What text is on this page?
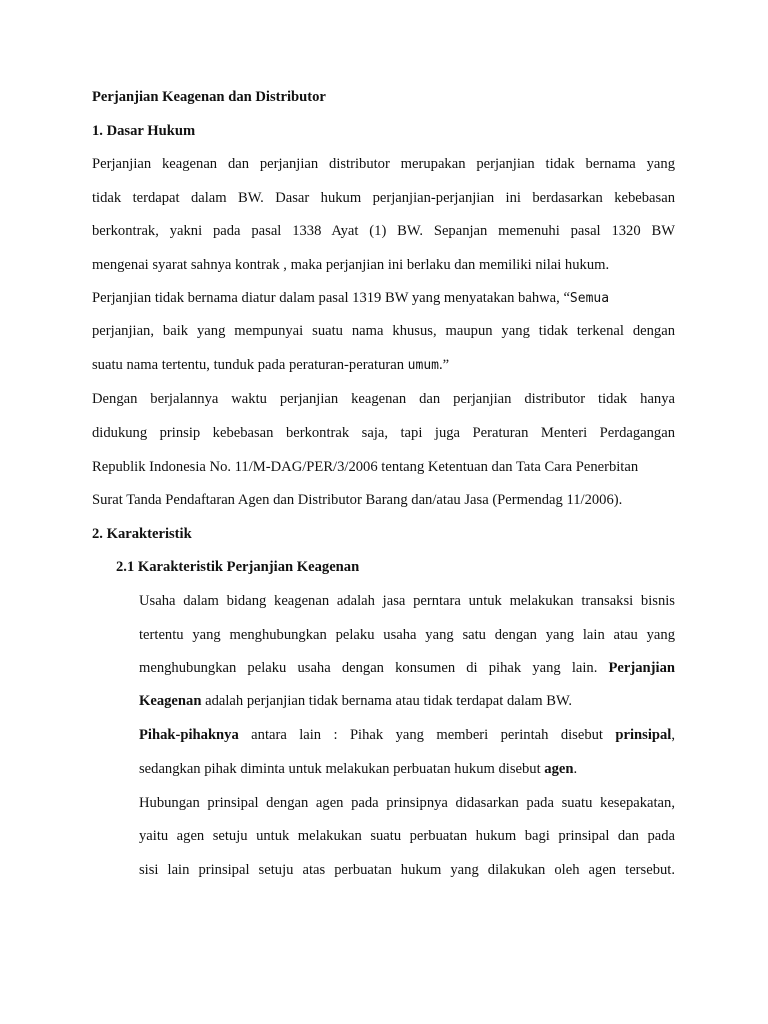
Perjanjian Keagenan dan Distributor
1. Dasar Hukum
Perjanjian keagenan dan perjanjian distributor merupakan perjanjian tidak bernama yang
tidak terdapat dalam BW. Dasar hukum perjanjian-perjanjian ini berdasarkan kebebasan
berkontrak, yakni pada pasal 1338 Ayat (1) BW. Sepanjan memenuhi pasal 1320 BW
mengenai syarat sahnya kontrak , maka perjanjian ini berlaku dan memiliki nilai hukum.
Perjanjian tidak bernama diatur dalam pasal 1319 BW yang menyatakan bahwa, “Semua
perjanjian, baik yang mempunyai suatu nama khusus, maupun yang tidak terkenal dengan
suatu nama tertentu, tunduk pada peraturan-peraturan umum.”
Dengan berjalannya waktu perjanjian keagenan dan perjanjian distributor tidak hanya
didukung prinsip kebebasan berkontrak saja, tapi juga Peraturan Menteri Perdagangan
Republik Indonesia No. 11/M-DAG/PER/3/2006 tentang Ketentuan dan Tata Cara Penerbitan
Surat Tanda Pendaftaran Agen dan Distributor Barang dan/atau Jasa (Permendag 11/2006).
2. Karakteristik
2.1 Karakteristik Perjanjian Keagenan
Usaha dalam bidang keagenan adalah jasa perntara untuk melakukan transaksi bisnis
tertentu yang menghubungkan pelaku usaha yang satu dengan yang lain atau yang
menghubungkan pelaku usaha dengan konsumen di pihak yang lain. Perjanjian
Keagenan adalah perjanjian tidak bernama atau tidak terdapat dalam BW.
Pihak-pihaknya antara lain : Pihak yang memberi perintah disebut prinsipal,
sedangkan pihak diminta untuk melakukan perbuatan hukum disebut agen.
Hubungan prinsipal dengan agen pada prinsipnya didasarkan pada suatu kesepakatan,
yaitu agen setuju untuk melakukan suatu perbuatan hukum bagi prinsipal dan pada
sisi lain prinsipal setuju atas perbuatan hukum yang dilakukan oleh agen tersebut.
